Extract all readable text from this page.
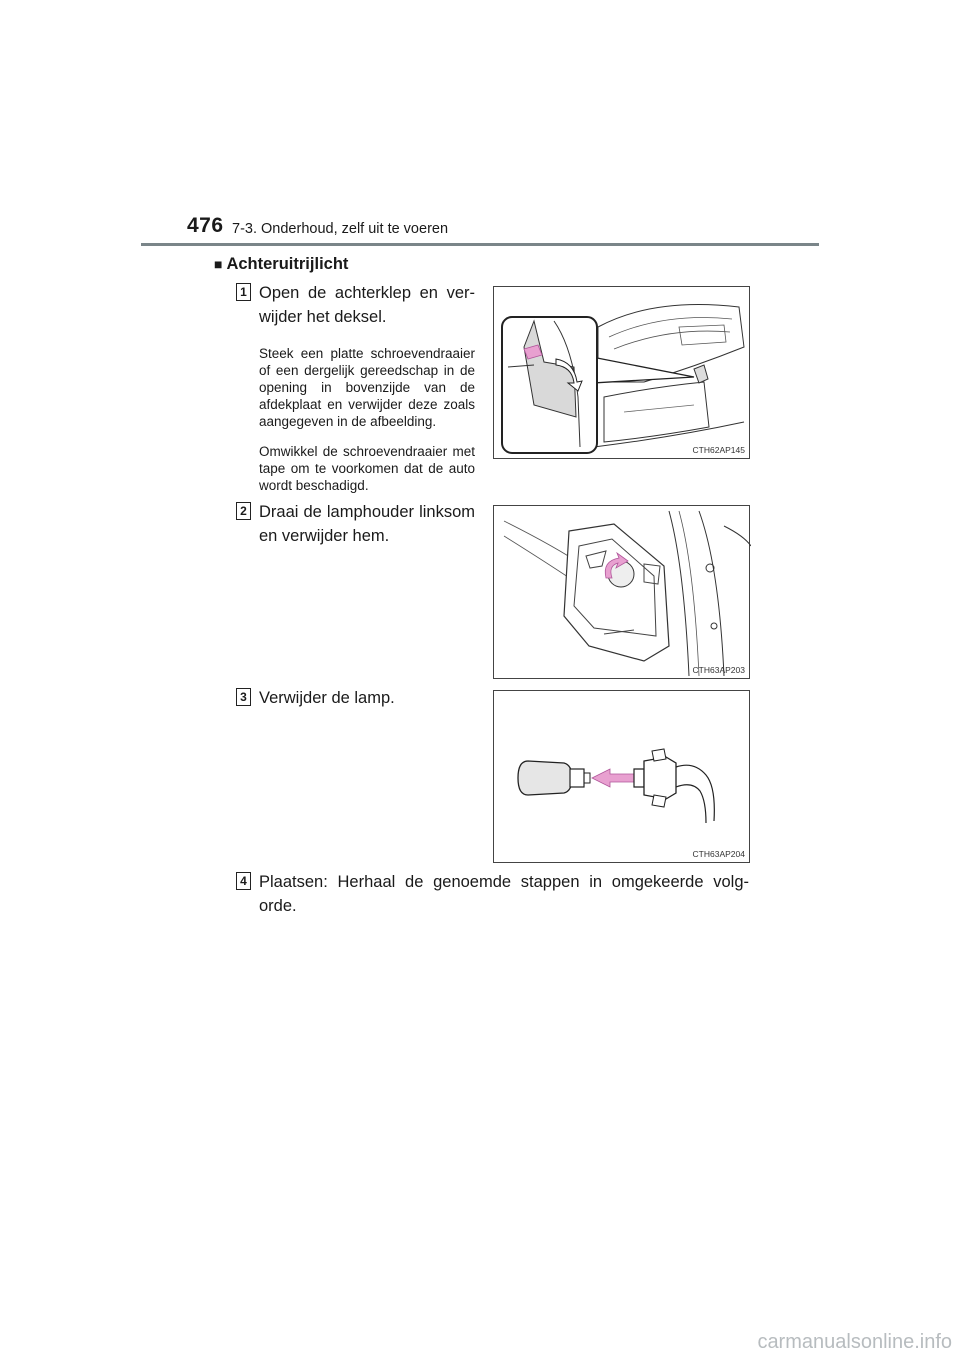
476 7-3. Onderhoud, zelf uit te voeren
■ Achteruitrijlicht
1 Open de achterklep en ver-
wijder het deksel.
Steek een platte schroevendraaier of een dergelijk gereedschap in de opening in bovenzijde van de afdekplaat en verwijder deze zoals aangegeven in de afbeelding.
Omwikkel de schroevendraaier met tape om te voorkomen dat de auto wordt beschadigd.
CTH62AP145
2 Draai de lamphouder linksom
en verwijder hem.
CTH63AP203
3 Verwijder de lamp.
CTH63AP204
4 Plaatsen: Herhaal de genoemde stappen in omgekeerde volg-
orde.
carmanualsonline.info
